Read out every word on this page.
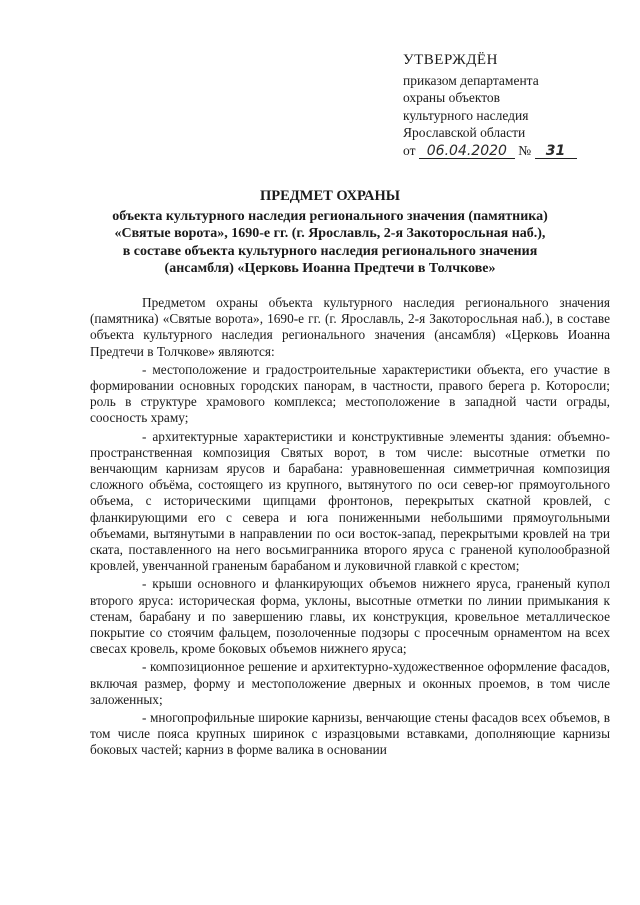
УТВЕРЖДЁН
приказом департамента
охраны объектов
культурного наследия
Ярославской области
от 06.04.2020 № 31
ПРЕДМЕТ ОХРАНЫ
объекта культурного наследия регионального значения (памятника)
«Святые ворота», 1690-е гг. (г. Ярославль, 2-я Закоторосльная наб.),
в составе объекта культурного наследия регионального значения
(ансамбля) «Церковь Иоанна Предтечи в Толчкове»

Предметом охраны объекта культурного наследия регионального значения (памятника) «Святые ворота», 1690-е гг. (г. Ярославль, 2-я Закоторосльная наб.), в составе объекта культурного наследия регионального значения (ансамбля) «Церковь Иоанна Предтечи в Толчкове» являются:

- местоположение и градостроительные характеристики объекта, его участие в формировании основных городских панорам, в частности, правого берега р. Которосли; роль в структуре храмового комплекса; местоположение в западной части ограды, соосность храму;

- архитектурные характеристики и конструктивные элементы здания: объемно-пространственная композиция Святых ворот, в том числе: высотные отметки по венчающим карнизам ярусов и барабана: уравновешенная симметричная композиция сложного объёма, состоящего из крупного, вытянутого по оси север-юг прямоугольного объема, с историческими щипцами фронтонов, перекрытых скатной кровлей, с фланкирующими его с севера и юга пониженными небольшими прямоугольными объемами, вытянутыми в направлении по оси восток-запад, перекрытыми кровлей на три ската, поставленного на него восьмигранника второго яруса с граненой куполообразной кровлей, увенчанной граненым барабаном и луковичной главкой с крестом;

- крыши основного и фланкирующих объемов нижнего яруса, граненый купол второго яруса: историческая форма, уклоны, высотные отметки по линии примыкания к стенам, барабану и по завершению главы, их конструкция, кровельное металлическое покрытие со стоячим фальцем, позолоченные подзоры с просечным орнаментом на всех свесах кровель, кроме боковых объемов нижнего яруса;

- композиционное решение и архитектурно-художественное оформление фасадов, включая размер, форму и местоположение дверных и оконных проемов, в том числе заложенных;

- многопрофильные широкие карнизы, венчающие стены фасадов всех объемов, в том числе пояса крупных ширинок с изразцовыми вставками, дополняющие карнизы боковых частей; карниз в форме валика в основании
